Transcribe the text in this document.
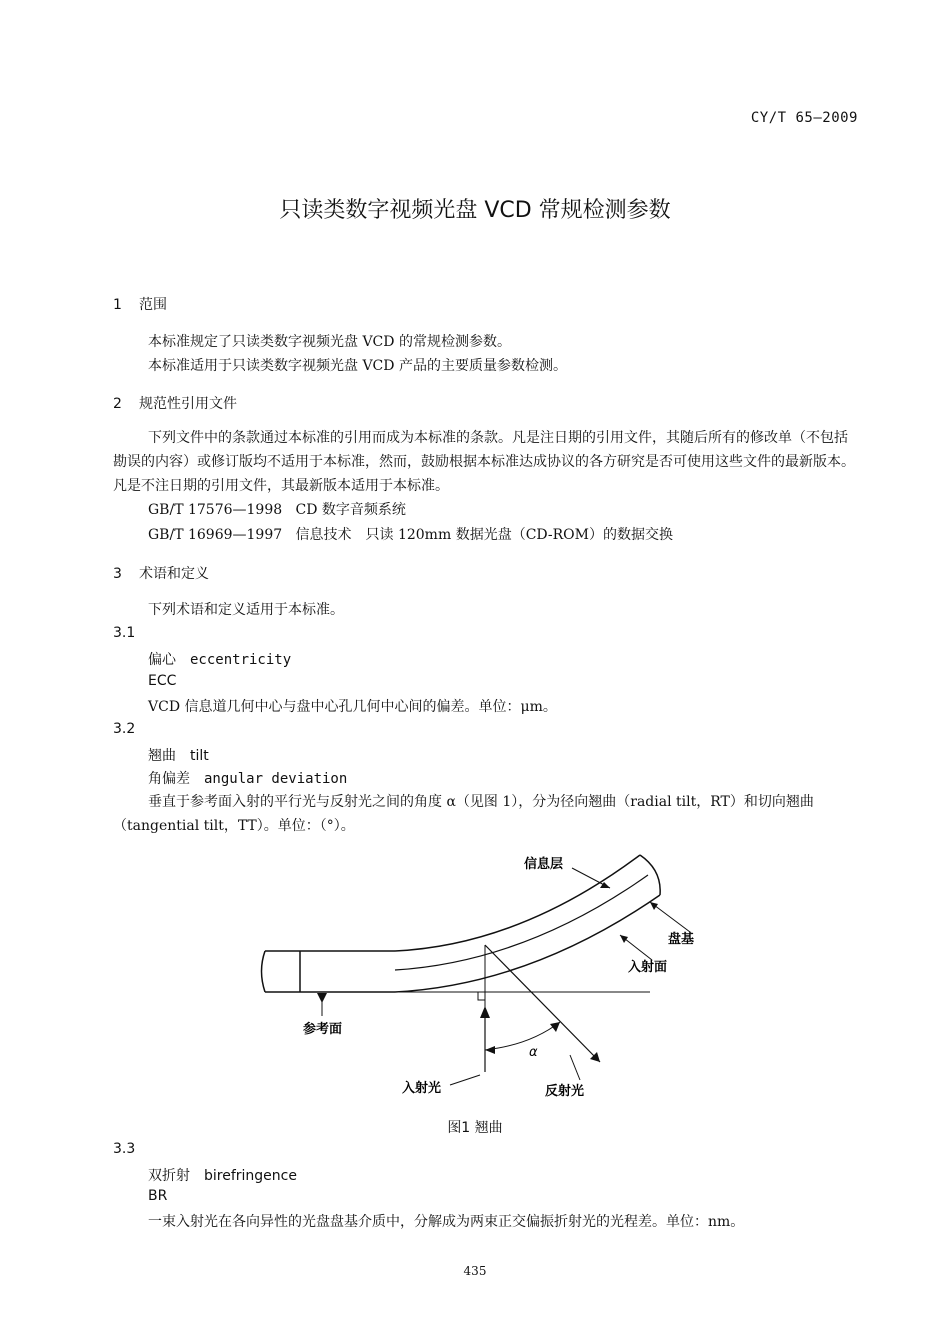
CY/T 65—2009
只读类数字视频光盘 VCD 常规检测参数
1 范围
本标准规定了只读类数字视频光盘 VCD 的常规检测参数。
本标准适用于只读类数字视频光盘 VCD 产品的主要质量参数检测。
2 规范性引用文件
下列文件中的条款通过本标准的引用而成为本标准的条款。凡是注日期的引用文件，其随后所有的修改单（不包括勘误的内容）或修订版均不适用于本标准，然而，鼓励根据本标准达成协议的各方研究是否可使用这些文件的最新版本。凡是不注日期的引用文件，其最新版本适用于本标准。
GB/T 17576—1998 CD 数字音频系统
GB/T 16969—1997 信息技术　只读 120mm 数据光盘（CD-ROM）的数据交换
3 术语和定义
下列术语和定义适用于本标准。
3.1
偏心 eccentricity
ECC
VCD 信息道几何中心与盘中心孔几何中心间的偏差。单位：μm。
3.2
翘曲 tilt
角偏差 angular deviation
垂直于参考面入射的平行光与反射光之间的角度 α（见图 1），分为径向翘曲（radial tilt，RT）和切向翘曲（tangential tilt，TT）。单位：（°）。
信息层
盘基
入射面
参考面
入射光	反射光
α
图1 翘曲
3.3
双折射 birefringence
BR
一束入射光在各向异性的光盘盘基介质中，分解成为两束正交偏振折射光的光程差。单位：nm。
435
